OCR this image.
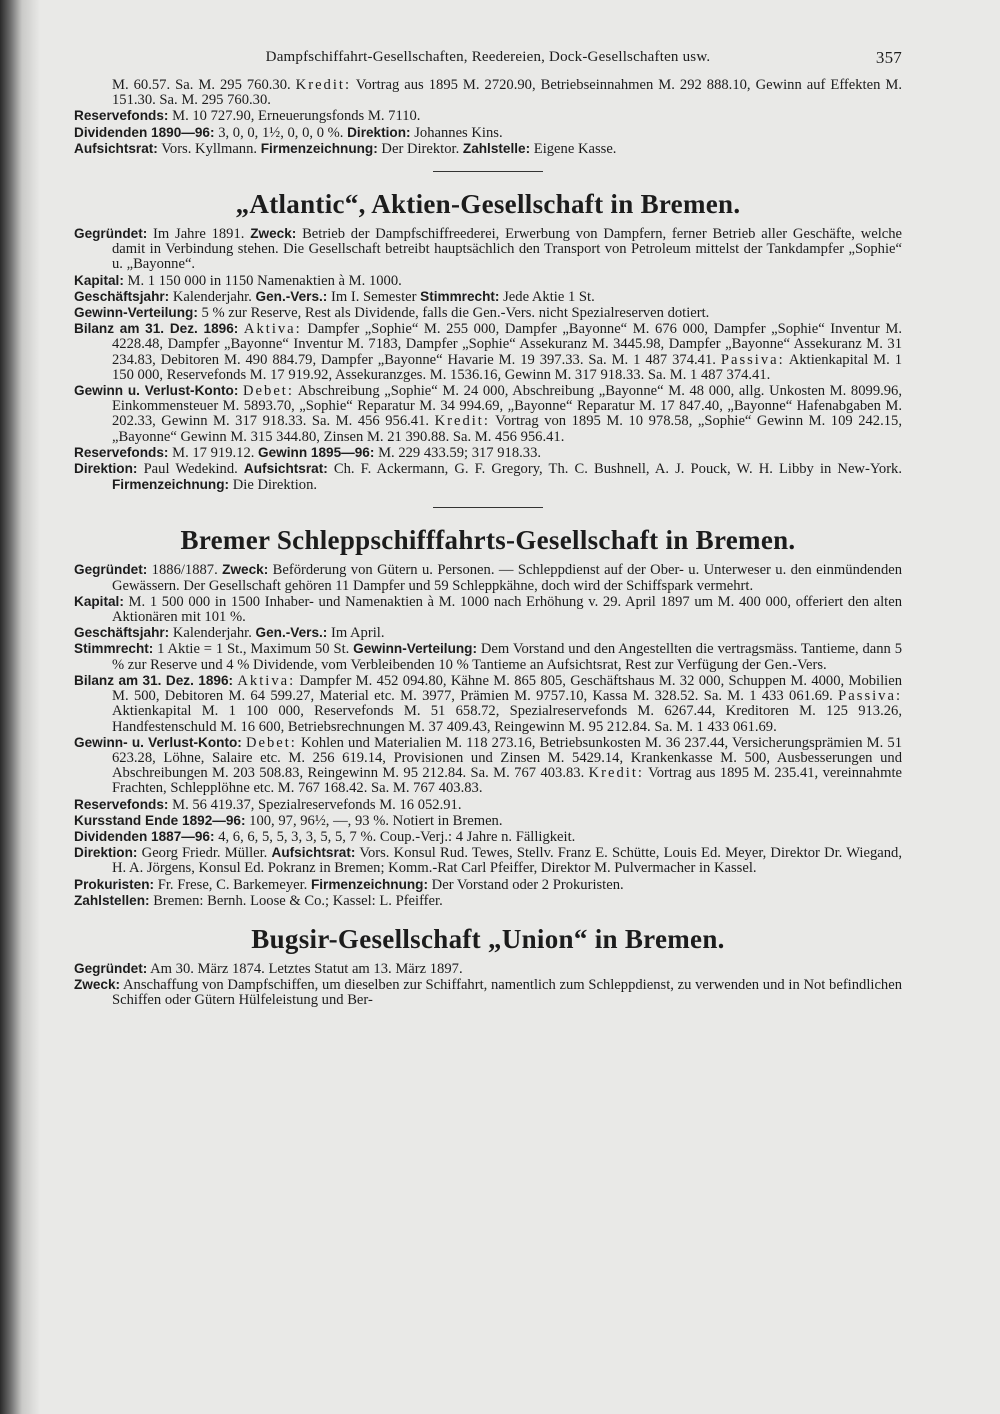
Dampfschiffahrt-Gesellschaften, Reedereien, Dock-Gesellschaften usw.	357

M. 60.57. Sa. M. 295 760.30. Kredit: Vortrag aus 1895 M. 2720.90, Betriebseinnahmen M. 292 888.10, Gewinn auf Effekten M. 151.30. Sa. M. 295 760.30.

Reservefonds: M. 10 727.90, Erneuerungsfonds M. 7110.

Dividenden 1890—96: 3, 0, 0, 1½, 0, 0, 0 %. Direktion: Johannes Kins.

Aufsichtsrat: Vors. Kyllmann. Firmenzeichnung: Der Direktor. Zahlstelle: Eigene Kasse.

„Atlantic“, Aktien-Gesellschaft in Bremen.

Gegründet: Im Jahre 1891. Zweck: Betrieb der Dampfschiffreederei, Erwerbung von Dampfern, ferner Betrieb aller Geschäfte, welche damit in Verbindung stehen. Die Gesellschaft betreibt hauptsächlich den Transport von Petroleum mittelst der Tankdampfer „Sophie“ u. „Bayonne“.

Kapital: M. 1 150 000 in 1150 Namenaktien à M. 1000.

Geschäftsjahr: Kalenderjahr. Gen.-Vers.: Im I. Semester Stimmrecht: Jede Aktie 1 St.

Gewinn-Verteilung: 5 % zur Reserve, Rest als Dividende, falls die Gen.-Vers. nicht Spezialreserven dotiert.

Bilanz am 31. Dez. 1896: Aktiva: Dampfer „Sophie“ M. 255 000, Dampfer „Bayonne“ M. 676 000, Dampfer „Sophie“ Inventur M. 4228.48, Dampfer „Bayonne“ Inventur M. 7183, Dampfer „Sophie“ Assekuranz M. 3445.98, Dampfer „Bayonne“ Assekuranz M. 31 234.83, Debitoren M. 490 884.79, Dampfer „Bayonne“ Havarie M. 19 397.33. Sa. M. 1 487 374.41. Passiva: Aktienkapital M. 1 150 000, Reservefonds M. 17 919.92, Assekuranzges. M. 1536.16, Gewinn M. 317 918.33. Sa. M. 1 487 374.41.

Gewinn u. Verlust-Konto: Debet: Abschreibung „Sophie“ M. 24 000, Abschreibung „Bayonne“ M. 48 000, allg. Unkosten M. 8099.96, Einkommensteuer M. 5893.70, „Sophie“ Reparatur M. 34 994.69, „Bayonne“ Reparatur M. 17 847.40, „Bayonne“ Hafenabgaben M. 202.33, Gewinn M. 317 918.33. Sa. M. 456 956.41. Kredit: Vortrag von 1895 M. 10 978.58, „Sophie“ Gewinn M. 109 242.15, „Bayonne“ Gewinn M. 315 344.80, Zinsen M. 21 390.88. Sa. M. 456 956.41.

Reservefonds: M. 17 919.12. Gewinn 1895—96: M. 229 433.59; 317 918.33.

Direktion: Paul Wedekind. Aufsichtsrat: Ch. F. Ackermann, G. F. Gregory, Th. C. Bushnell, A. J. Pouck, W. H. Libby in New-York. Firmenzeichnung: Die Direktion.

Bremer Schleppschifffahrts-Gesellschaft in Bremen.

Gegründet: 1886/1887. Zweck: Beförderung von Gütern u. Personen. — Schleppdienst auf der Ober- u. Unterweser u. den einmündenden Gewässern. Der Gesellschaft gehören 11 Dampfer und 59 Schleppkähne, doch wird der Schiffspark vermehrt.

Kapital: M. 1 500 000 in 1500 Inhaber- und Namenaktien à M. 1000 nach Erhöhung v. 29. April 1897 um M. 400 000, offeriert den alten Aktionären mit 101 %.

Geschäftsjahr: Kalenderjahr. Gen.-Vers.: Im April.

Stimmrecht: 1 Aktie = 1 St., Maximum 50 St. Gewinn-Verteilung: Dem Vorstand und den Angestellten die vertragsmäss. Tantieme, dann 5 % zur Reserve und 4 % Dividende, vom Verbleibenden 10 % Tantieme an Aufsichtsrat, Rest zur Verfügung der Gen.-Vers.

Bilanz am 31. Dez. 1896: Aktiva: Dampfer M. 452 094.80, Kähne M. 865 805, Geschäftshaus M. 32 000, Schuppen M. 4000, Mobilien M. 500, Debitoren M. 64 599.27, Material etc. M. 3977, Prämien M. 9757.10, Kassa M. 328.52. Sa. M. 1 433 061.69. Passiva: Aktienkapital M. 1 100 000, Reservefonds M. 51 658.72, Spezialreservefonds M. 6267.44, Kreditoren M. 125 913.26, Handfestenschuld M. 16 600, Betriebsrechnungen M. 37 409.43, Reingewinn M. 95 212.84. Sa. M. 1 433 061.69.

Gewinn- u. Verlust-Konto: Debet: Kohlen und Materialien M. 118 273.16, Betriebsunkosten M. 36 237.44, Versicherungsprämien M. 51 623.28, Löhne, Salaire etc. M. 256 619.14, Provisionen und Zinsen M. 5429.14, Krankenkasse M. 500, Ausbesserungen und Abschreibungen M. 203 508.83, Reingewinn M. 95 212.84. Sa. M. 767 403.83. Kredit: Vortrag aus 1895 M. 235.41, vereinnahmte Frachten, Schlepplöhne etc. M. 767 168.42. Sa. M. 767 403.83.

Reservefonds: M. 56 419.37, Spezialreservefonds M. 16 052.91.

Kursstand Ende 1892—96: 100, 97, 96½, —, 93 %. Notiert in Bremen.

Dividenden 1887—96: 4, 6, 6, 5, 5, 3, 3, 5, 5, 7 %. Coup.-Verj.: 4 Jahre n. Fälligkeit.

Direktion: Georg Friedr. Müller. Aufsichtsrat: Vors. Konsul Rud. Tewes, Stellv. Franz E. Schütte, Louis Ed. Meyer, Direktor Dr. Wiegand, H. A. Jörgens, Konsul Ed. Pokranz in Bremen; Komm.-Rat Carl Pfeiffer, Direktor M. Pulvermacher in Kassel.

Prokuristen: Fr. Frese, C. Barkemeyer. Firmenzeichnung: Der Vorstand oder 2 Prokuristen.

Zahlstellen: Bremen: Bernh. Loose & Co.; Kassel: L. Pfeiffer.

Bugsir-Gesellschaft „Union“ in Bremen.

Gegründet: Am 30. März 1874. Letztes Statut am 13. März 1897.

Zweck: Anschaffung von Dampfschiffen, um dieselben zur Schiffahrt, namentlich zum Schleppdienst, zu verwenden und in Not befindlichen Schiffen oder Gütern Hülfeleistung und Ber-
